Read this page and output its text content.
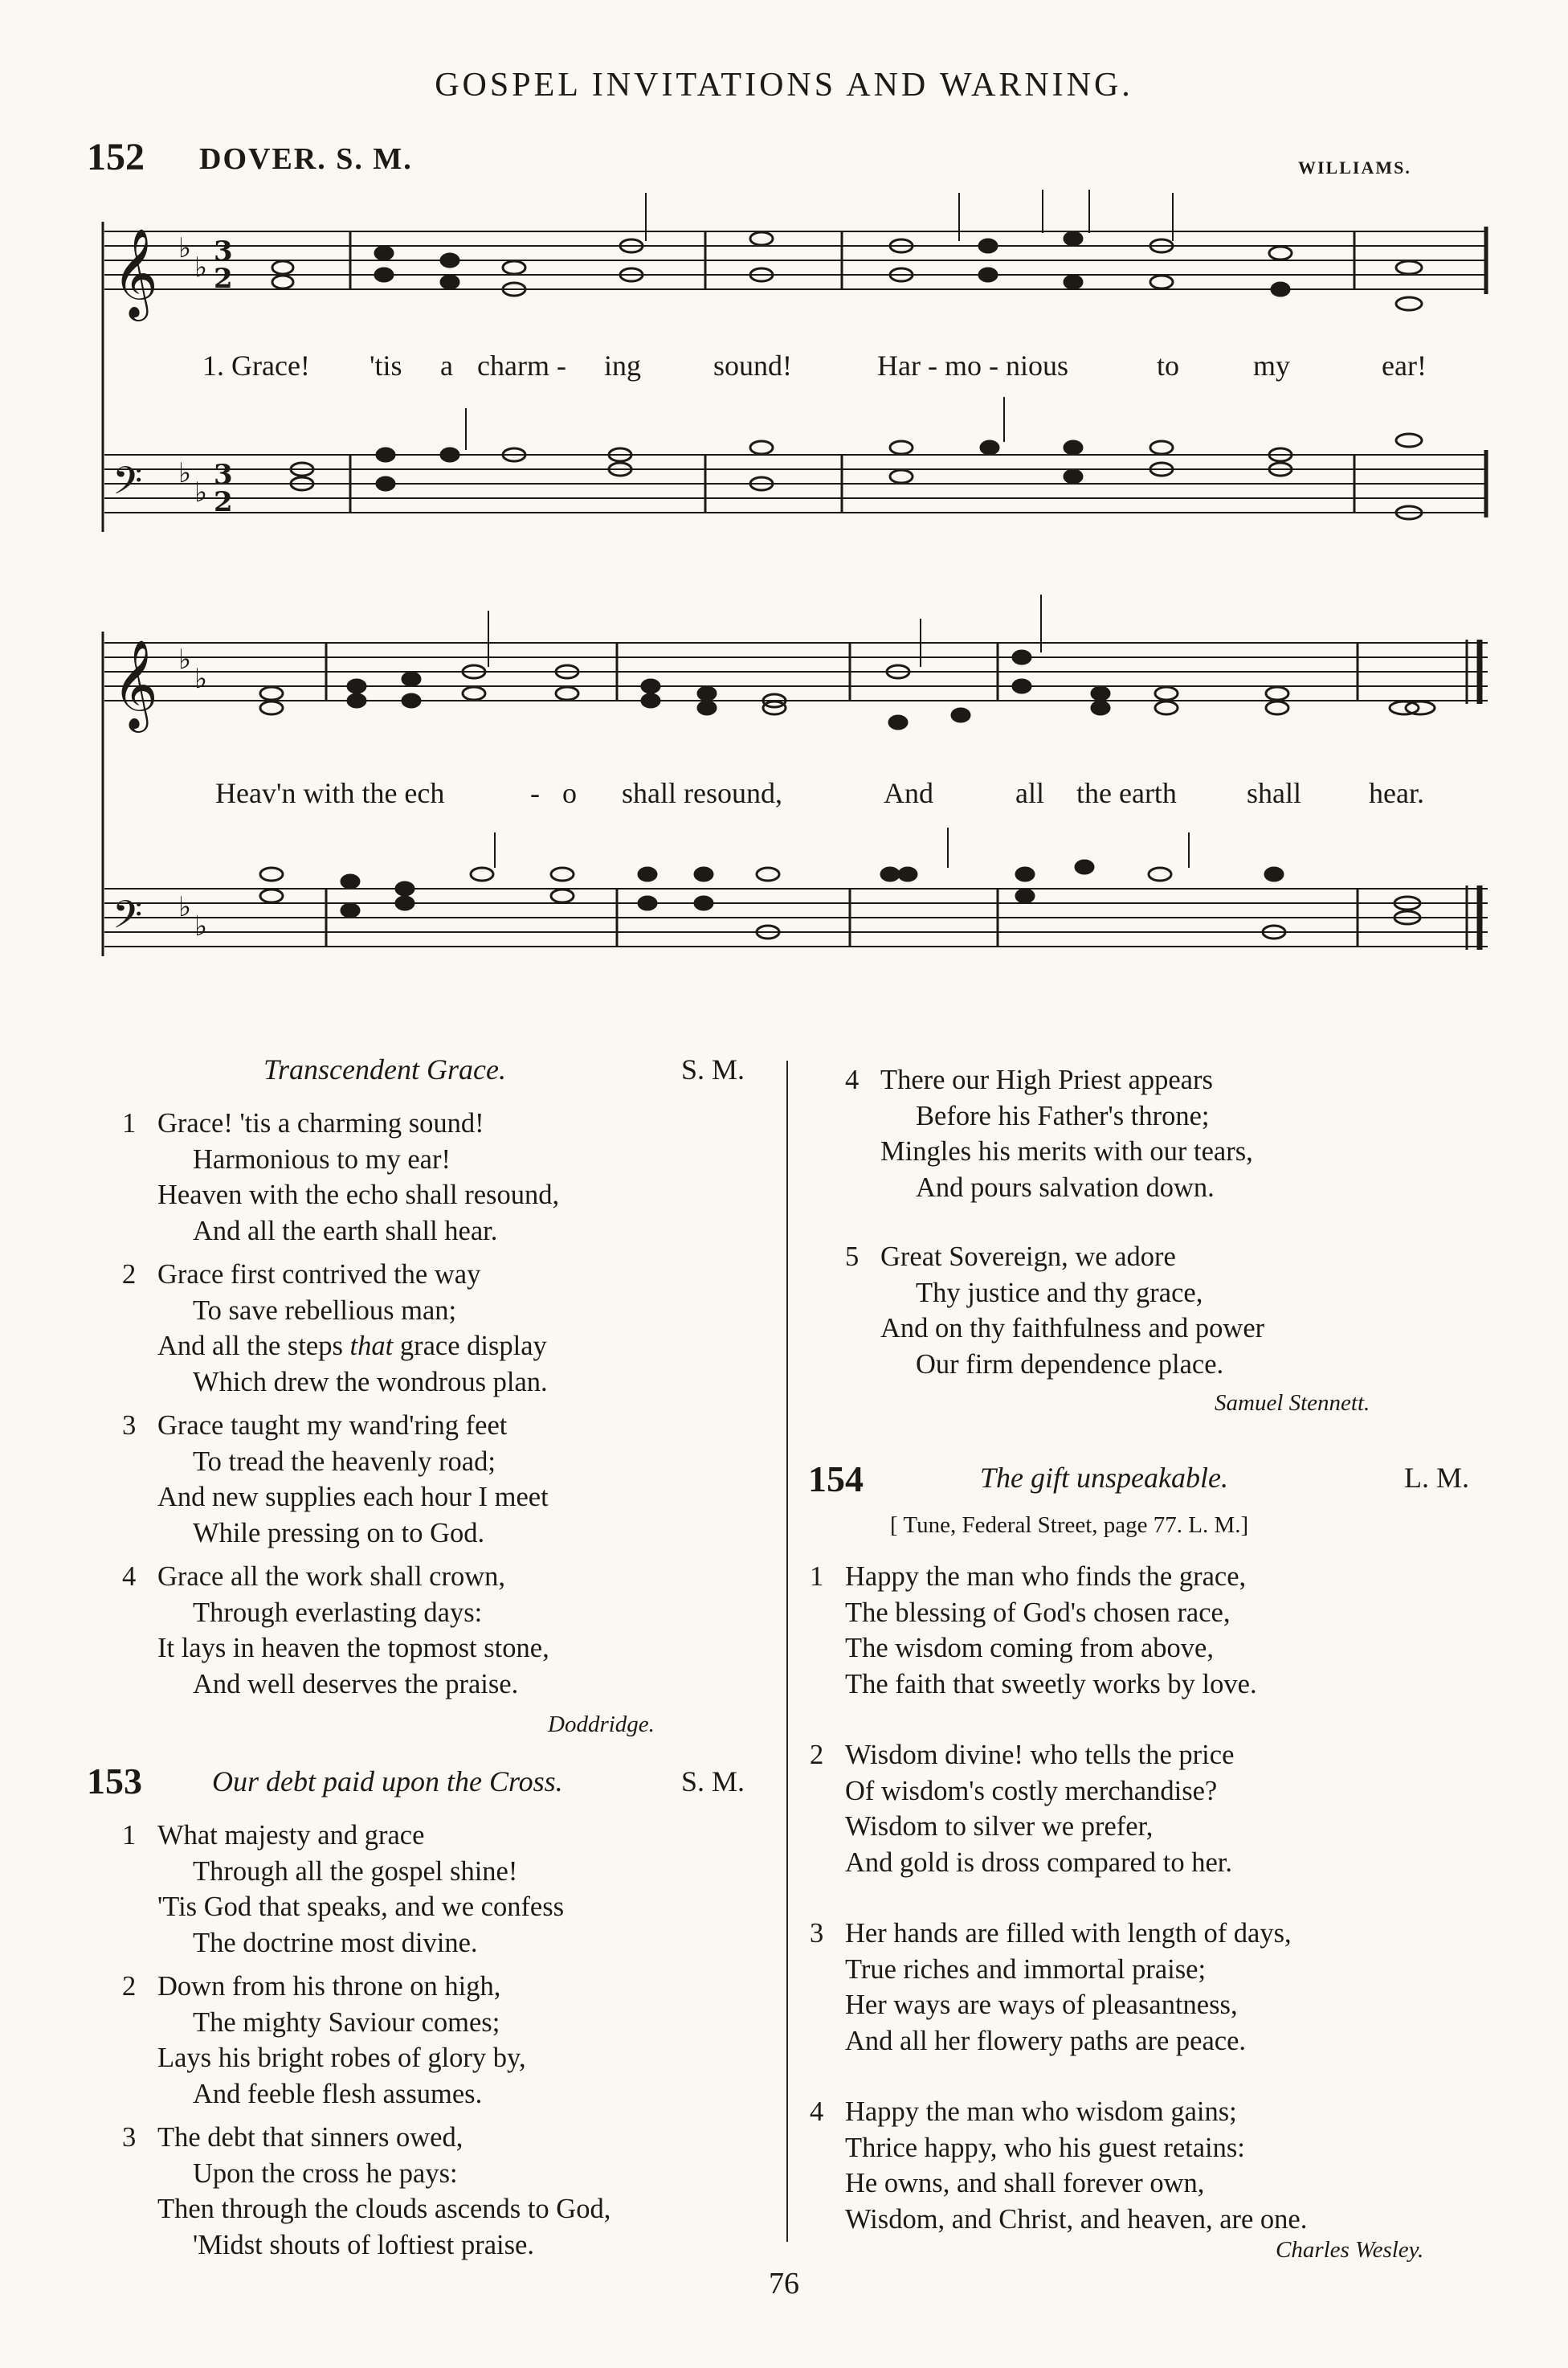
GOSPEL INVITATIONS AND WARNING.
152 DOVER. S. M.	WILLIAMS.
𝄞
𝄢
♭
♭
♭
♭
3
2
3
2
𝄞
𝄢
♭
♭
♭
♭
1. Grace! 'tis a charm - ing sound!	Har - mo - nious	to	my	ear!
Heav'n with the ech	- o shall resound,	And	all the earth shall hear.
Transcendent Grace.	S. M.
1 Grace! 'tis a charming sound!
Harmonious to my ear!
Heaven with the echo shall resound,
And all the earth shall hear.
2 Grace first contrived the way
To save rebellious man;
And all the steps that grace display
Which drew the wondrous plan.
3 Grace taught my wand'ring feet
To tread the heavenly road;
And new supplies each hour I meet
While pressing on to God.
4 Grace all the work shall crown,
Through everlasting days:
It lays in heaven the topmost stone,
And well deserves the praise.
Doddridge.
153 Our debt paid upon the Cross.	S. M.
1 What majesty and grace
Through all the gospel shine!
'Tis God that speaks, and we confess
The doctrine most divine.
2 Down from his throne on high,
The mighty Saviour comes;
Lays his bright robes of glory by,
And feeble flesh assumes.
3 The debt that sinners owed,
Upon the cross he pays:
Then through the clouds ascends to God,
'Midst shouts of loftiest praise.
4 There our High Priest appears
Before his Father's throne;
Mingles his merits with our tears,
And pours salvation down.
5 Great Sovereign, we adore
Thy justice and thy grace,
And on thy faithfulness and power
Our firm dependence place.
Samuel Stennett.
154	The gift unspeakable.	L. M.
[ Tune, Federal Street, page 77. L. M.]
1 Happy the man who finds the grace,
The blessing of God's chosen race,
The wisdom coming from above,
The faith that sweetly works by love.
2 Wisdom divine! who tells the price
Of wisdom's costly merchandise?
Wisdom to silver we prefer,
And gold is dross compared to her.
3 Her hands are filled with length of days,
True riches and immortal praise;
Her ways are ways of pleasantness,
And all her flowery paths are peace.
4 Happy the man who wisdom gains;
Thrice happy, who his guest retains:
He owns, and shall forever own,
Wisdom, and Christ, and heaven, are one.
Charles Wesley.
76
